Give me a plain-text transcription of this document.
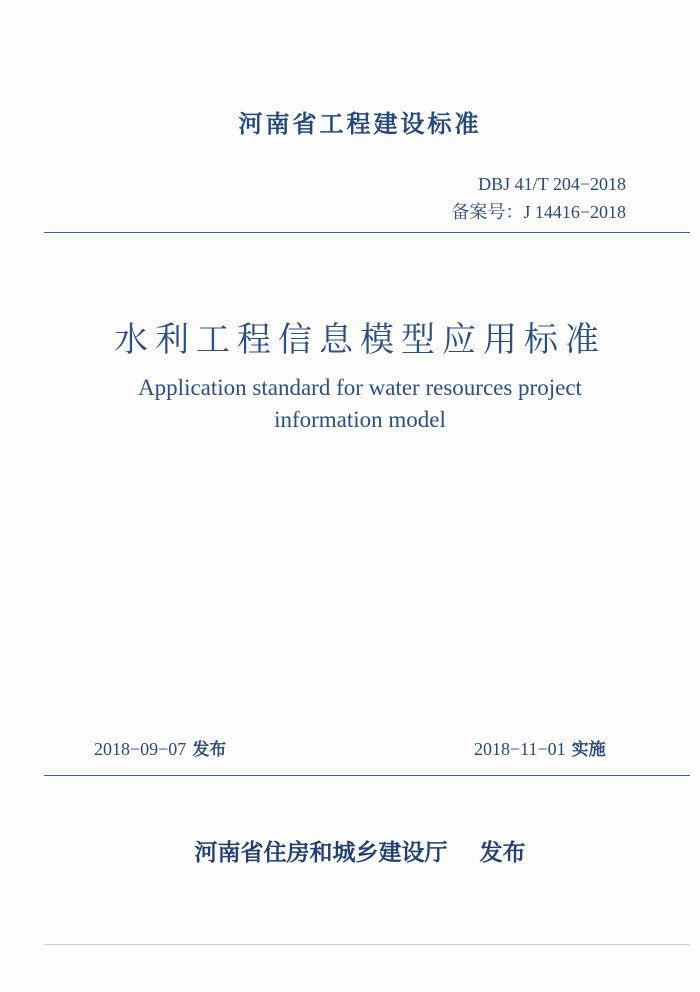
河南省工程建设标准
DBJ 41/T 204−2018
备案号：J 14416−2018
水利工程信息模型应用标准
Application standard for water resources project
information model
2018−09−07 发布	2018−11−01 实施
河南省住房和城乡建设厅 发布
